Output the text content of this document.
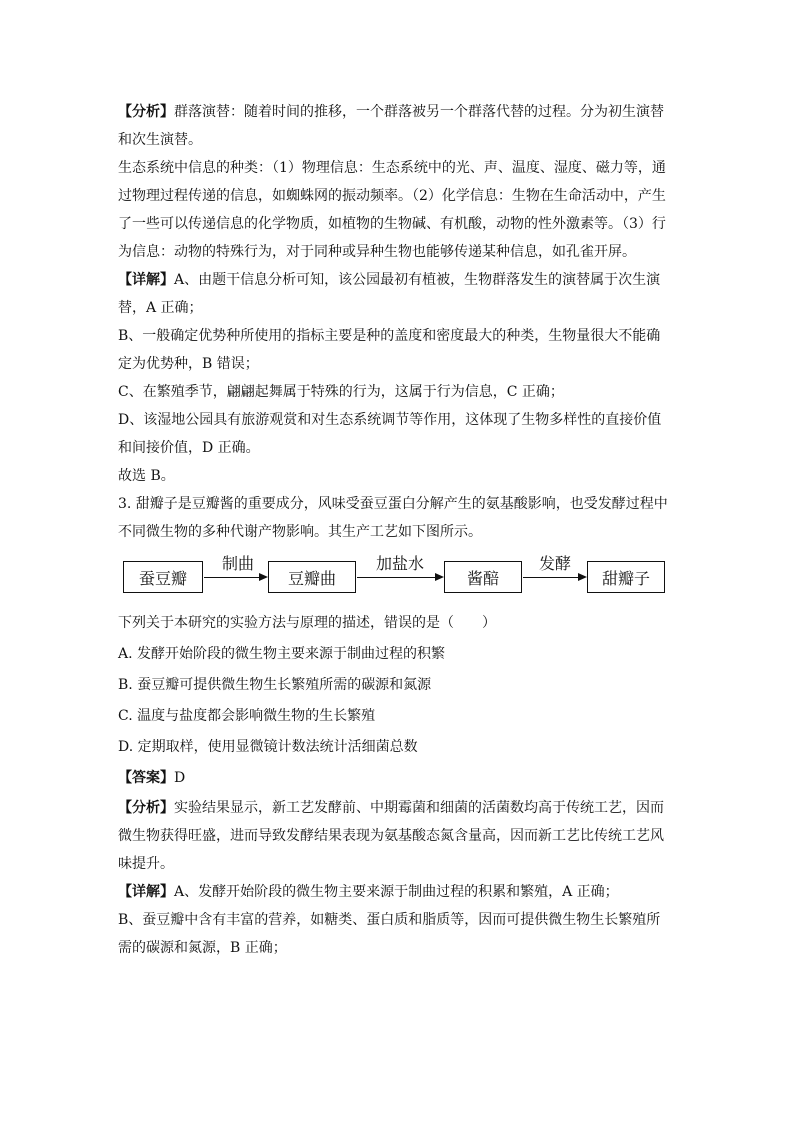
【分析】群落演替：随着时间的推移，一个群落被另一个群落代替的过程。分为初生演替

和次生演替。

生态系统中信息的种类：（1）物理信息：生态系统中的光、声、温度、湿度、磁力等，通

过物理过程传递的信息，如蜘蛛网的振动频率。（2）化学信息：生物在生命活动中，产生

了一些可以传递信息的化学物质，如植物的生物碱、有机酸，动物的性外激素等。（3）行

为信息：动物的特殊行为，对于同种或异种生物也能够传递某种信息，如孔雀开屏。

【详解】A、由题干信息分析可知，该公园最初有植被，生物群落发生的演替属于次生演

替，A 正确；

B、一般确定优势种所使用的指标主要是种的盖度和密度最大的种类，生物量很大不能确

定为优势种，B 错误；

C、在繁殖季节，翩翩起舞属于特殊的行为，这属于行为信息，C 正确；

D、该湿地公园具有旅游观赏和对生态系统调节等作用，这体现了生物多样性的直接价值

和间接价值，D 正确。

故选 B。

3. 甜瓣子是豆瓣酱的重要成分，风味受蚕豆蛋白分解产生的氨基酸影响，也受发酵过程中

不同微生物的多种代谢产物影响。其生产工艺如下图所示。

蚕豆瓣
制曲
豆瓣曲
加盐水
酱醅
发酵
甜瓣子

下列关于本研究的实验方法与原理的描述，错误的是（　　）

A. 发酵开始阶段的微生物主要来源于制曲过程的积繁

B. 蚕豆瓣可提供微生物生长繁殖所需的碳源和氮源

C. 温度与盐度都会影响微生物的生长繁殖

D. 定期取样，使用显微镜计数法统计活细菌总数

【答案】D

【分析】实验结果显示，新工艺发酵前、中期霉菌和细菌的活菌数均高于传统工艺，因而

微生物获得旺盛，进而导致发酵结果表现为氨基酸态氮含量高，因而新工艺比传统工艺风

味提升。

【详解】A、发酵开始阶段的微生物主要来源于制曲过程的积累和繁殖，A 正确；

B、蚕豆瓣中含有丰富的营养，如糖类、蛋白质和脂质等，因而可提供微生物生长繁殖所

需的碳源和氮源，B 正确；
